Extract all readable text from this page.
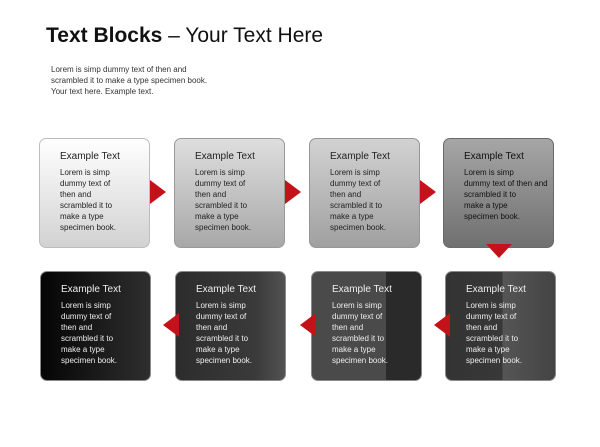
Text Blocks – Your Text Here
Lorem is simp dummy text of then and
scrambled it to make a type specimen book.
Your text here. Example text.
Example Text

Lorem is simp
dummy text of
then and
scrambled it to
make a type
specimen book.

Example Text

Lorem is simp
dummy text of
then and
scrambled it to
make a type
specimen book.

Example Text

Lorem is simp
dummy text of
then and
scrambled it to
make a type
specimen book.

Example Text

Lorem is simp
dummy text of then and
scrambled it to
make a type
specimen book.

Example Text

Lorem is simp
dummy text of
then and
scrambled it to
make a type
specimen book.

Example Text

Lorem is simp
dummy text of
then and
scrambled it to
make a type
specimen book.

Example Text

Lorem is simp
dummy text of
then and
scrambled it to
make a type
specimen book.

Example Text

Lorem is simp
dummy text of
then and
scrambled it to
make a type
specimen book.
